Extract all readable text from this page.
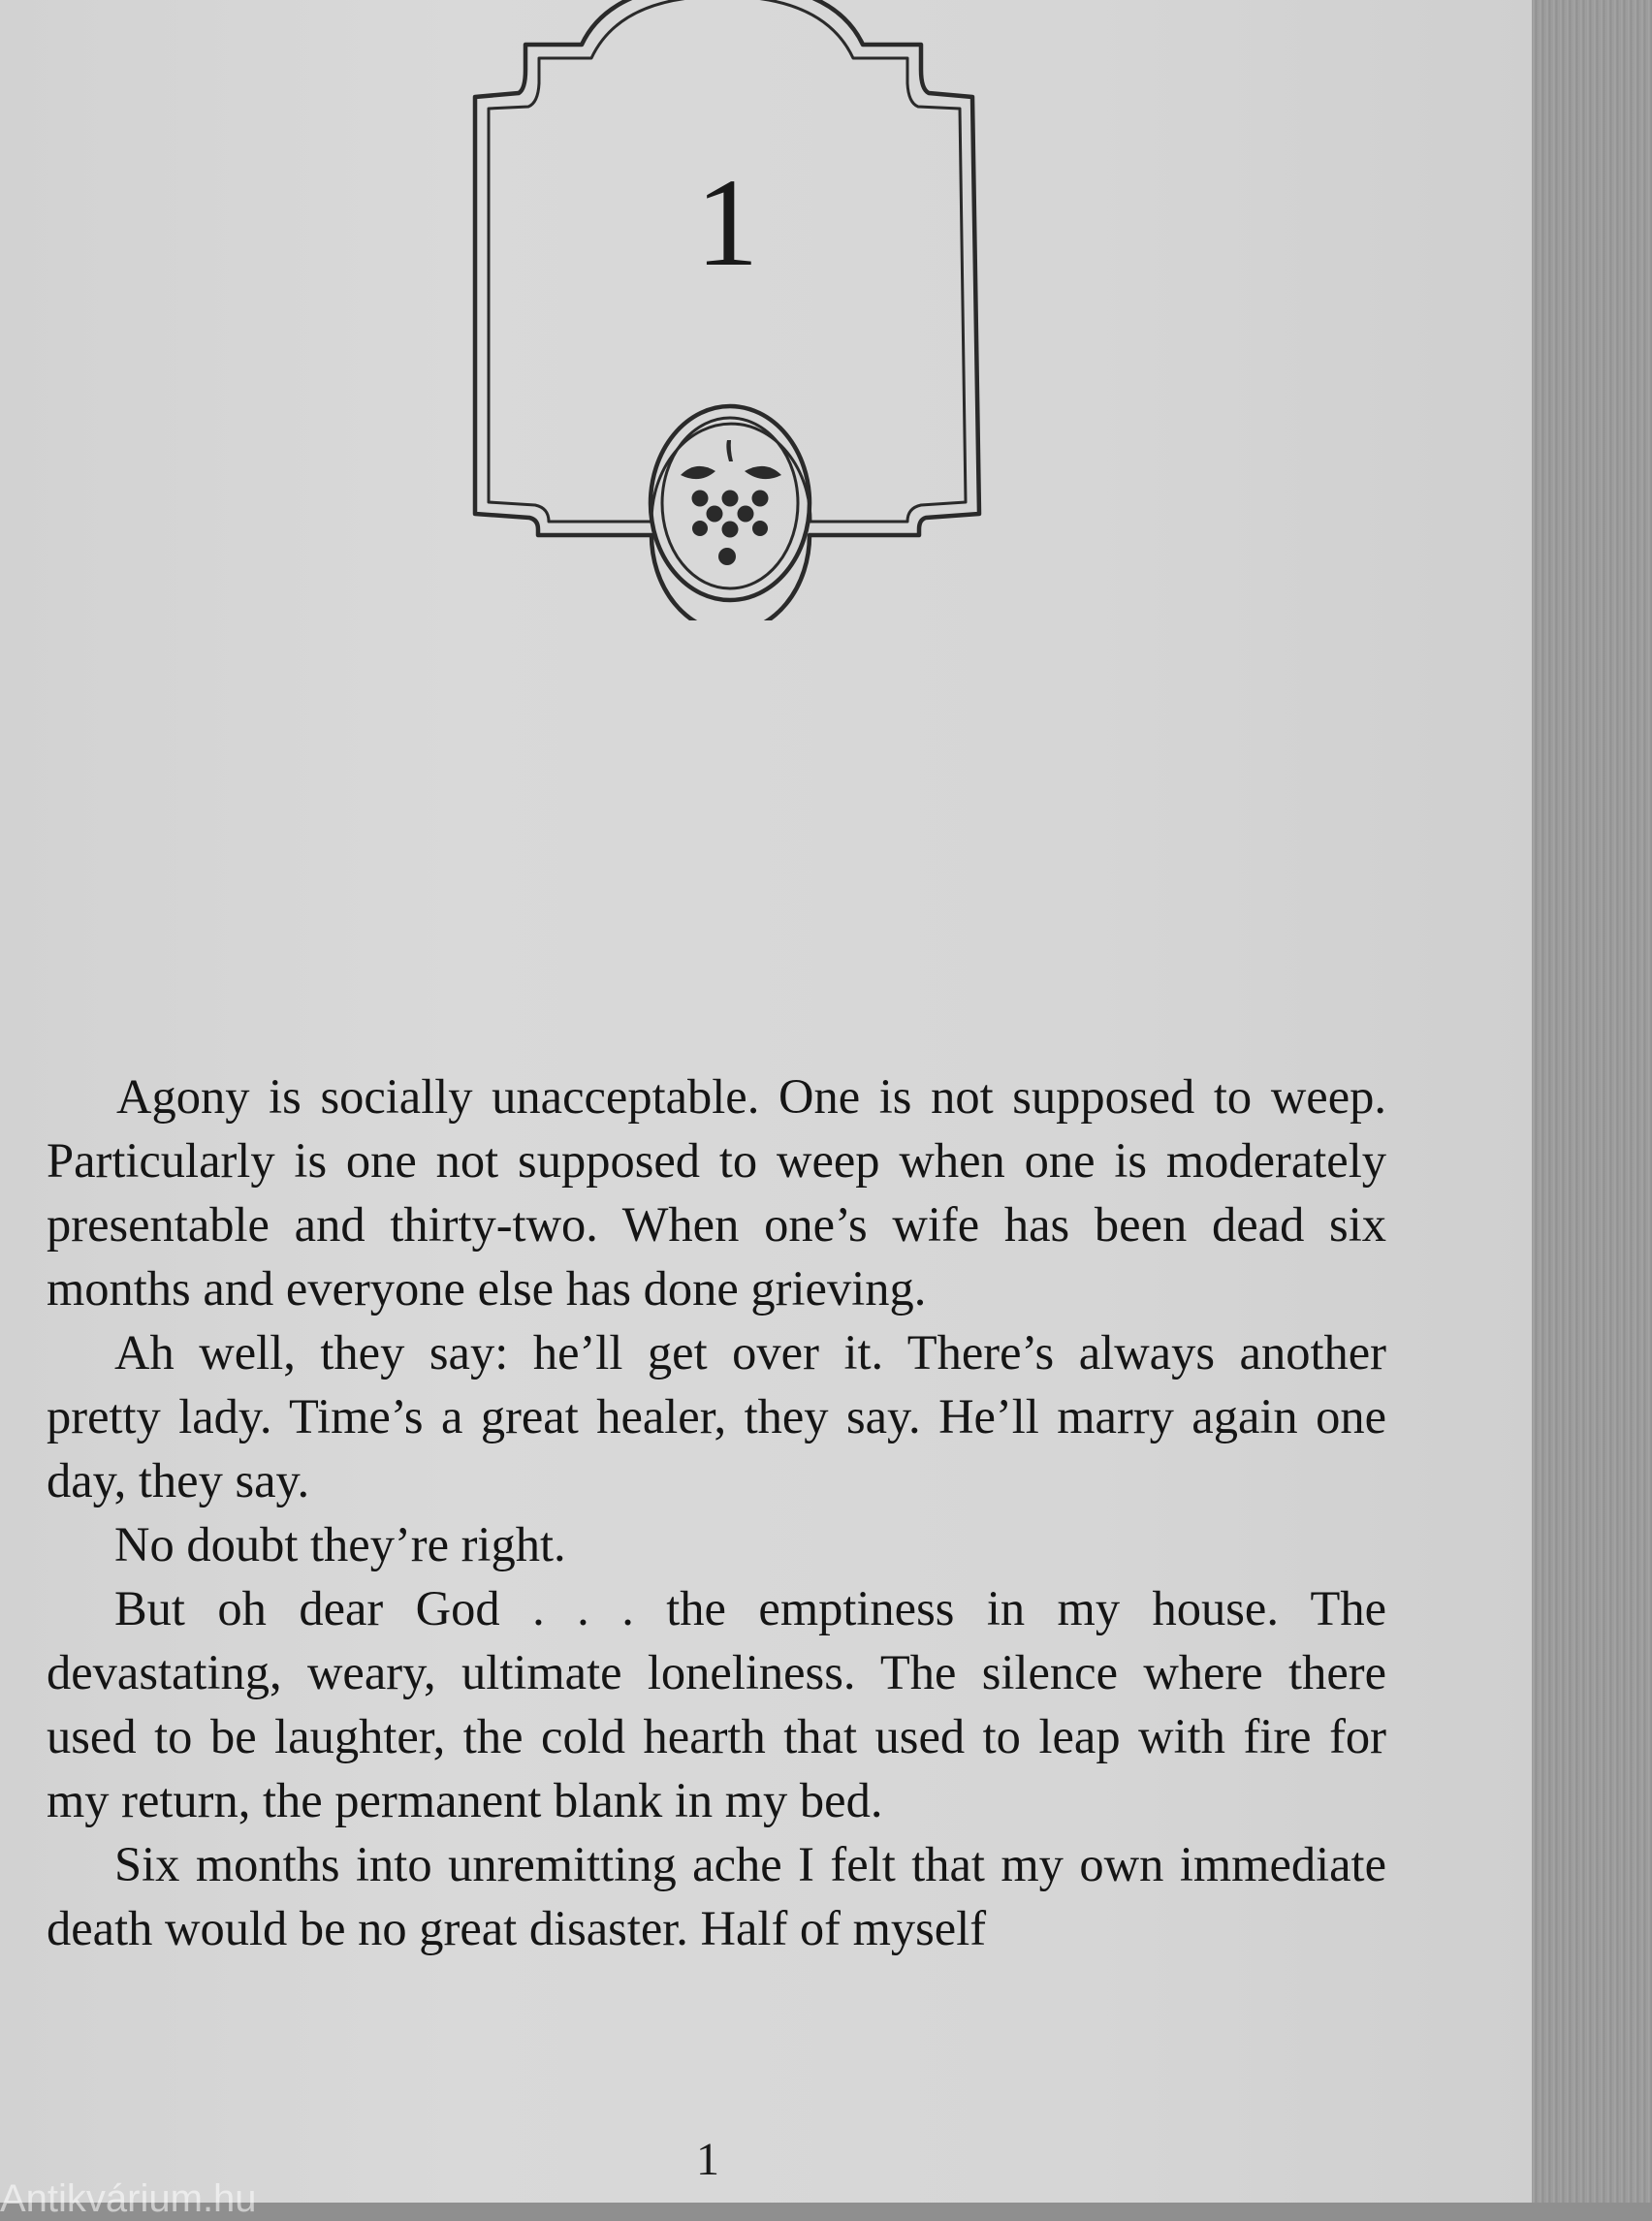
1

Agony is socially unacceptable. One is not supposed to weep. Particularly is one not supposed to weep when one is moderately presentable and thirty-two. When one’s wife has been dead six months and everyone else has done grieving.

Ah well, they say: he’ll get over it. There’s always another pretty lady. Time’s a great healer, they say. He’ll marry again one day, they say.

No doubt they’re right.

But oh dear God . . . the emptiness in my house. The devastating, weary, ultimate loneliness. The silence where there used to be laughter, the cold hearth that used to leap with fire for my return, the permanent blank in my bed.

Six months into unremitting ache I felt that my own immediate death would be no great disaster. Half of myself

1
Antikvárium.hu
